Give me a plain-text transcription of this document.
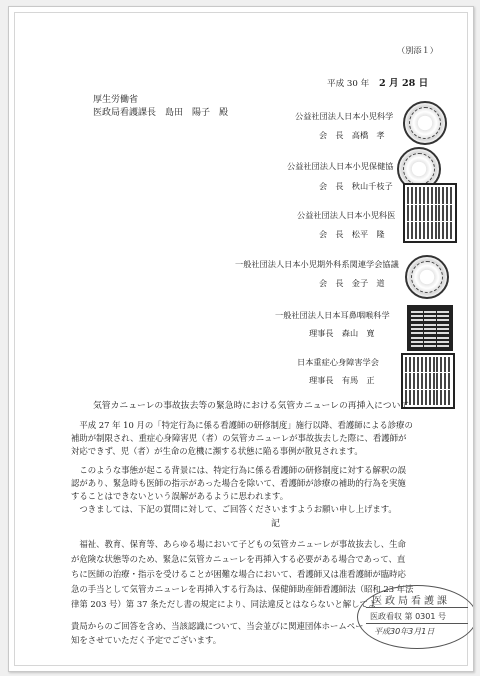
（別添１）
平成 30 年 2 月 28 日
厚生労働省
医政局看護課長　島田　陽子　殿	公益社団法人日本小児科学
会　長　高橋　孝
公益社団法人日本小児保健協
会　長　秋山千枝子
公益社団法人日本小児科医
会　長　松平　隆
一般社団法人日本小児期外科系関連学会協議
会　長　金子　道
一般社団法人日本耳鼻咽喉科学
理事長　森山　寛
日本重症心身障害学会
理事長　有馬　正
気管カニューレの事故抜去等の緊急時における気管カニューレの再挿入について
　平成 27 年 10 月の「特定行為に係る看護師の研修制度」施行以降、看護師による診療の
補助が制限され、重症心身障害児（者）の気管カニューレが事故抜去した際に、看護師が
対応できず、児（者）が生命の危機に瀕する状態に陥る事例が散見されます。
　このような事態が起こる背景には、特定行為に係る看護師の研修制度に対する解釈の誤
認があり、緊急時も医師の指示があった場合を除いて、看護師が診療の補助的行為を実施
することはできないという誤解があるように思われます。
　つきましては、下記の質問に対して、ご回答くださいますようお願い申し上げます。
記
　福祉、教育、保育等、あらゆる場において子どもの気管カニューレが事故抜去し、生命
が危険な状態等のため、緊急に気管カニューレを再挿入する必要がある場合であって、直
ちに医師の治療・指示を受けることが困難な場合において、看護師又は准看護師が臨時応
急の手当として気管カニューレを再挿入する行為は、保健師助産師看護師法（昭和 23 年法
律第 203 号）第 37 条ただし書の規定により、同法違反とはならないと解してよ
貴局からのご回答を含め、当該認識について、当会並びに関連団体ホームペー
知をさせていただく予定でございます。
医政局看護課
医政看収 第 0301 号
平成30年3月1日
